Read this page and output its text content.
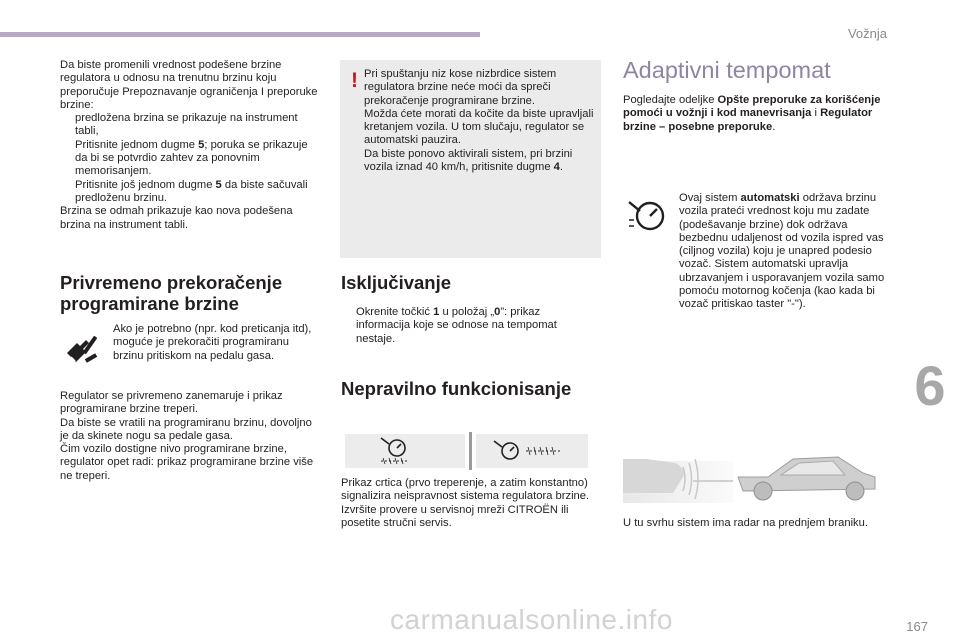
Vožnja
Da biste promenili vrednost podešene brzine regulatora u odnosu na trenutnu brzinu koju preporučuje Prepoznavanje ograničenja I preporuke brzine:
predložena brzina se prikazuje na instrument tabli,
Pritisnite jednom dugme 5; poruka se prikazuje da bi se potvrdio zahtev za ponovnim memorisanjem.
Pritisnite još jednom dugme 5 da biste sačuvali predloženu brzinu.
Brzina se odmah prikazuje kao nova podešena brzina na instrument tabli.
Privremeno prekoračenje programirane brzine
Ako je potrebno (npr. kod preticanja itd), moguće je prekoračiti programiranu brzinu pritiskom na pedalu gasa.
Regulator se privremeno zanemaruje i prikaz programirane brzine treperi.
Da biste se vratili na programiranu brzinu, dovoljno je da skinete nogu sa pedale gasa.
Čim vozilo dostigne nivo programirane brzine, regulator opet radi: prikaz programirane brzine više ne treperi.
! Pri spuštanju niz kose nizbrdice sistem regulatora brzine neće moći da spreči prekoračenje programirane brzine.
Možda ćete morati da kočite da biste upravljali kretanjem vozila. U tom slučaju, regulator se automatski pauzira.
Da biste ponovo aktivirali sistem, pri brzini vozila iznad 40 km/h, pritisnite dugme 4.
Isključivanje
Okrenite točkić 1 u položaj „0”: prikaz informacija koje se odnose na tempomat nestaje.
Nepravilno funkcionisanje
Prikaz crtica (prvo treperenje, a zatim konstantno) signalizira neispravnost sistema regulatora brzine.
Izvršite provere u servisnoj mreži CITROËN ili posetite stručni servis.
Adaptivni tempomat
Pogledajte odeljke Opšte preporuke za korišćenje pomoći u vožnji i kod manevrisanja i Regulator brzine – posebne preporuke.
Ovaj sistem automatski održava brzinu vozila prateći vrednost koju mu zadate (podešavanje brzine) dok održava bezbednu udaljenost od vozila ispred vas (ciljnog vozila) koju je unapred podesio vozač. Sistem automatski upravlja ubrzavanjem i usporavanjem vozila samo pomoću motornog kočenja (kao kada bi vozač pritiskao taster "-").
U tu svrhu sistem ima radar na prednjem braniku.
6
167
carmanualsonline.info
